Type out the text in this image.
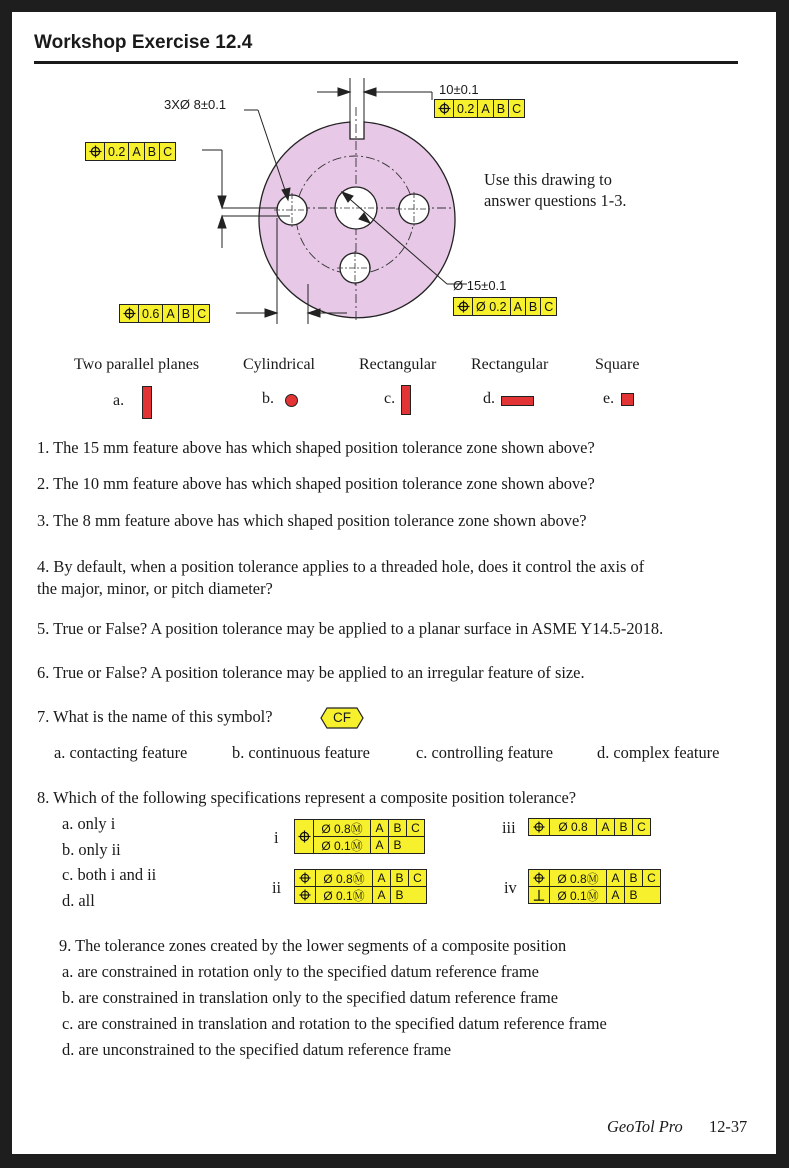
Workshop Exercise 12.4
3XØ 8±0.1
10±0.1
Ø 15±0.1
Use this drawing to
answer questions 1-3.
0.2 A B C
0.2 A B C
0.6 A B C	Ø 0.2 A B C
Two parallel planes	Cylindrical	Rectangular Rectangular	Square
a.	b.	c.	d.	e.
1. The 15 mm feature above has which shaped position tolerance zone shown above?
2. The 10 mm feature above has which shaped position tolerance zone shown above?
3. The 8 mm feature above has which shaped position tolerance zone shown above?
4. By default, when a position tolerance applies to a threaded hole, does it control the axis of
the major, minor, or pitch diameter?
5. True or False? A position tolerance may be applied to a planar surface in ASME Y14.5-2018.
6. True or False? A position tolerance may be applied to an irregular feature of size.
7. What is the name of this symbol?	CF
a. contacting feature	b. continuous feature	c. controlling feature	d. complex feature
8. Which of the following specifications represent a composite position tolerance?
a. only i
b. only ii
c. both i and ii
d. all
i
ii
iii
iv
Ø 0.8Ⓜ	A B C
Ø 0.1Ⓜ	A B
Ø 0.8Ⓜ	A B C
Ø 0.1Ⓜ	A B
Ø 0.8	A B C
Ø 0.8Ⓜ	A B C
Ø 0.1Ⓜ	A B
9. The tolerance zones created by the lower segments of a composite position
a. are constrained in rotation only to the specified datum reference frame
b. are constrained in translation only to the specified datum reference frame
c. are constrained in translation and rotation to the specified datum reference frame
d. are unconstrained to the specified datum reference frame
GeoTol Pro 12-37
